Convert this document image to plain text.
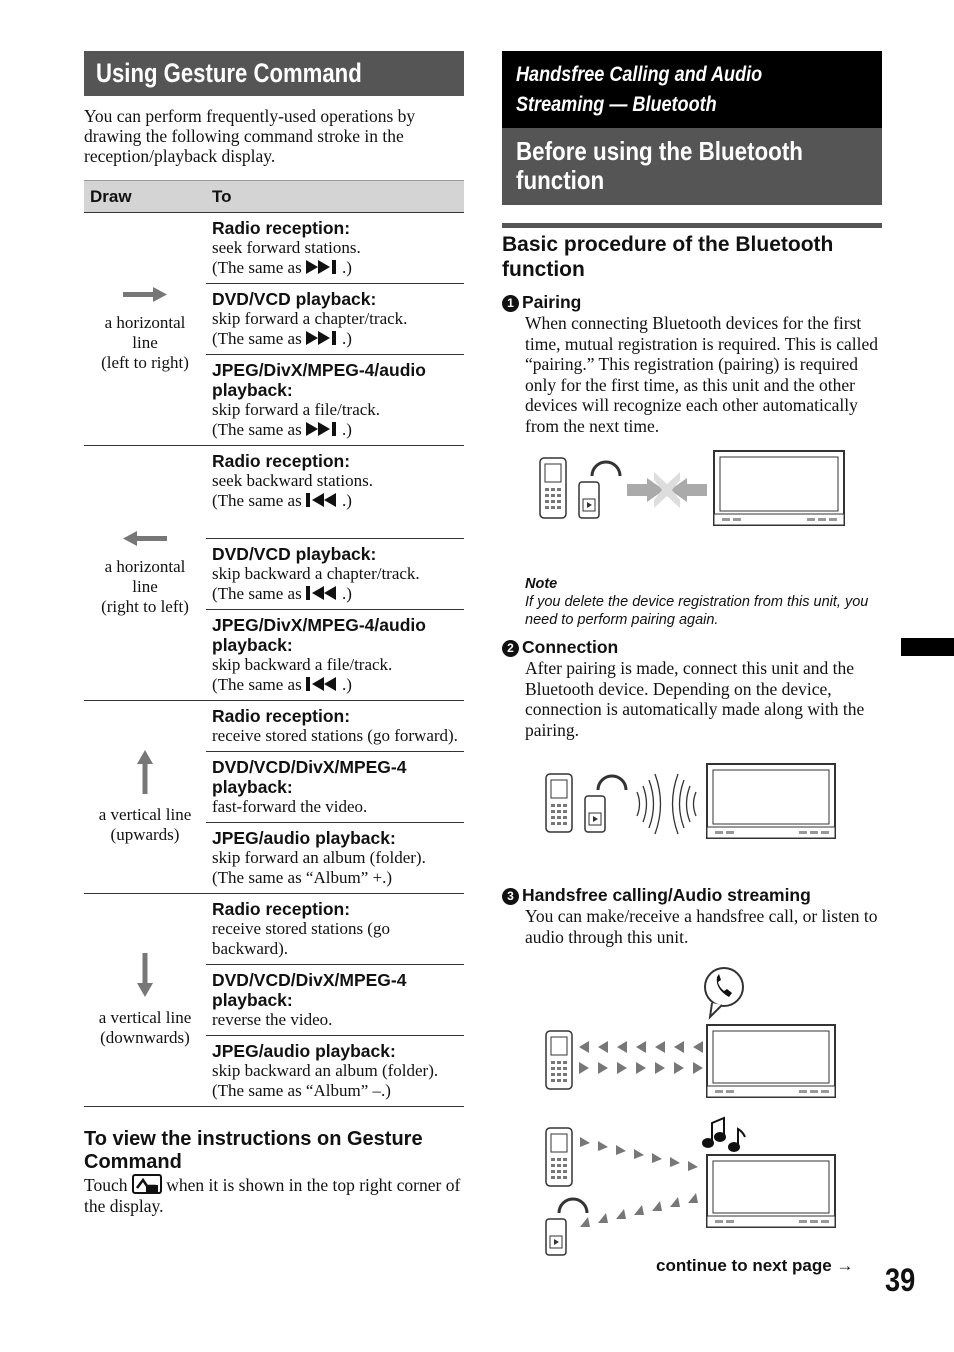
Using Gesture Command
You can perform frequently-used operations by drawing the following command stroke in the reception/playback display.
Draw	To

a horizontal
line
(left to right)	Radio reception:
seek forward stations.
(The same as .)

	DVD/VCD playback:
skip forward a chapter/track.
(The same as .)

	JPEG/DivX/MPEG-4/audio playback:
skip forward a file/track.
(The same as .)

a horizontal
line
(right to left)	Radio reception:
seek backward stations.
(The same as .)

	DVD/VCD playback:
skip backward a chapter/track.
(The same as .)

	JPEG/DivX/MPEG-4/audio playback:
skip backward a file/track.
(The same as .)

a vertical line
(upwards)	Radio reception:
receive stored stations (go forward).

	DVD/VCD/DivX/MPEG-4 playback:
fast-forward the video.

	JPEG/audio playback:
skip forward an album (folder).
(The same as “Album” +.)

a vertical line
(downwards)	Radio reception:
receive stored stations (go backward).

	DVD/VCD/DivX/MPEG-4 playback:
reverse the video.

	JPEG/audio playback:
skip backward an album (folder).
(The same as “Album” –.)
To view the instructions on Gesture Command
Touch  when it is shown in the top right corner of the display.
Handsfree Calling and Audio
Streaming — Bluetooth
Before using the Bluetooth
function
Basic procedure of the Bluetooth function
1 Pairing
When connecting Bluetooth devices for the first time, mutual registration is required. This is called “pairing.” This registration (pairing) is required only for the first time, as this unit and the other devices will recognize each other automatically from the next time.
Note
If you delete the device registration from this unit, you need to perform pairing again.
2 Connection
After pairing is made, connect this unit and the Bluetooth device. Depending on the device, connection is automatically made along with the pairing.
3 Handsfree calling/Audio streaming
You can make/receive a handsfree call, or listen to audio through this unit.
continue to next page → 39
